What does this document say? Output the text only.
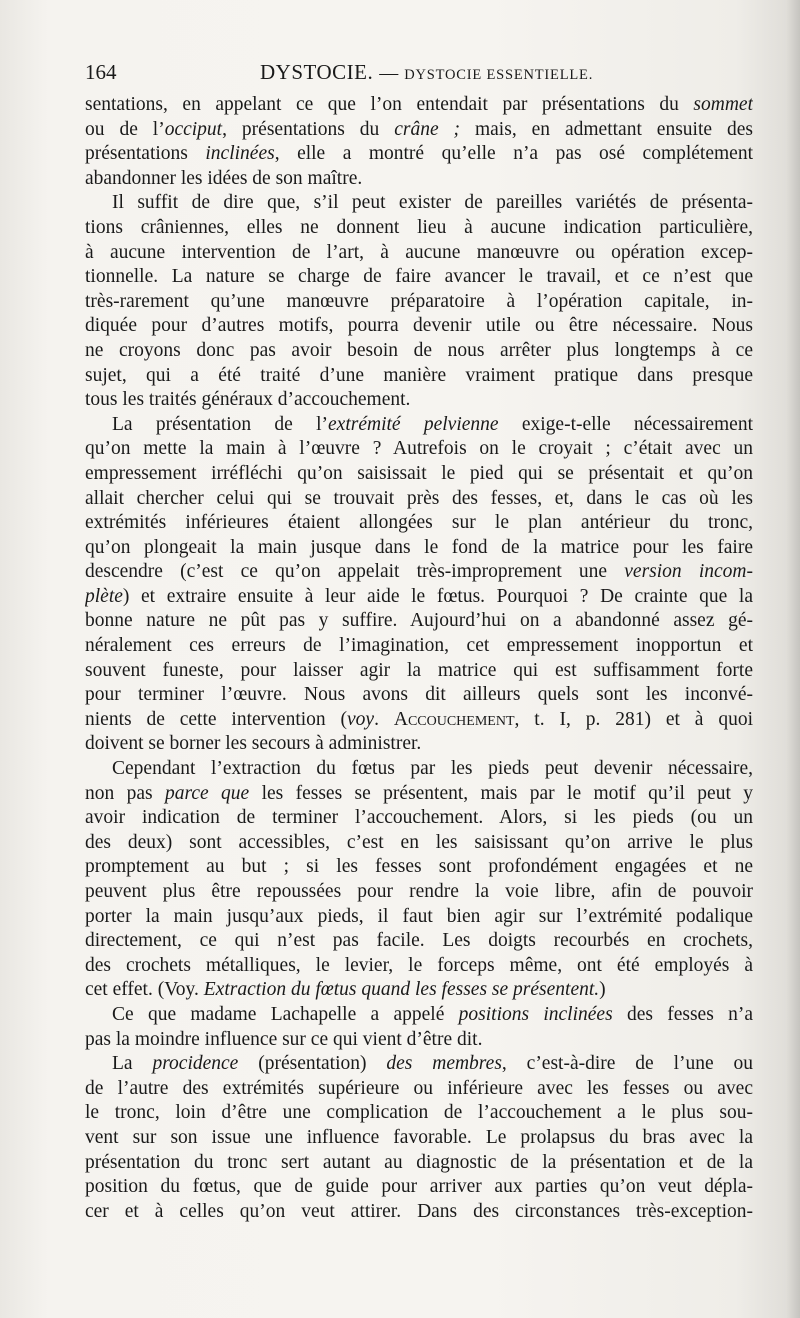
164	DYSTOCIE. — DYSTOCIE ESSENTIELLE.
sentations, en appelant ce que l’on entendait par présentations du sommet
ou de l’occiput, présentations du crâne ; mais, en admettant ensuite des
présentations inclinées, elle a montré qu’elle n’a pas osé complétement
abandonner les idées de son maître.
Il suffit de dire que, s’il peut exister de pareilles variétés de présenta-
tions crâniennes, elles ne donnent lieu à aucune indication particulière,
à aucune intervention de l’art, à aucune manœuvre ou opération excep-
tionnelle. La nature se charge de faire avancer le travail, et ce n’est que
très-rarement qu’une manœuvre préparatoire à l’opération capitale, in-
diquée pour d’autres motifs, pourra devenir utile ou être nécessaire. Nous
ne croyons donc pas avoir besoin de nous arrêter plus longtemps à ce
sujet, qui a été traité d’une manière vraiment pratique dans presque
tous les traités généraux d’accouchement.
La présentation de l’extrémité pelvienne exige-t-elle nécessairement
qu’on mette la main à l’œuvre ? Autrefois on le croyait ; c’était avec un
empressement irréfléchi qu’on saisissait le pied qui se présentait et qu’on
allait chercher celui qui se trouvait près des fesses, et, dans le cas où les
extrémités inférieures étaient allongées sur le plan antérieur du tronc,
qu’on plongeait la main jusque dans le fond de la matrice pour les faire
descendre (c’est ce qu’on appelait très-improprement une version incom-
plète) et extraire ensuite à leur aide le fœtus. Pourquoi ? De crainte que la
bonne nature ne pût pas y suffire. Aujourd’hui on a abandonné assez gé-
néralement ces erreurs de l’imagination, cet empressement inopportun et
souvent funeste, pour laisser agir la matrice qui est suffisamment forte
pour terminer l’œuvre. Nous avons dit ailleurs quels sont les inconvé-
nients de cette intervention (voy. Accouchement, t. I, p. 281) et à quoi
doivent se borner les secours à administrer.
Cependant l’extraction du fœtus par les pieds peut devenir nécessaire,
non pas parce que les fesses se présentent, mais par le motif qu’il peut y
avoir indication de terminer l’accouchement. Alors, si les pieds (ou un
des deux) sont accessibles, c’est en les saisissant qu’on arrive le plus
promptement au but ; si les fesses sont profondément engagées et ne
peuvent plus être repoussées pour rendre la voie libre, afin de pouvoir
porter la main jusqu’aux pieds, il faut bien agir sur l’extrémité podalique
directement, ce qui n’est pas facile. Les doigts recourbés en crochets,
des crochets métalliques, le levier, le forceps même, ont été employés à
cet effet. (Voy. Extraction du fœtus quand les fesses se présentent.)
Ce que madame Lachapelle a appelé positions inclinées des fesses n’a
pas la moindre influence sur ce qui vient d’être dit.
La procidence (présentation) des membres, c’est-à-dire de l’une ou
de l’autre des extrémités supérieure ou inférieure avec les fesses ou avec
le tronc, loin d’être une complication de l’accouchement a le plus sou-
vent sur son issue une influence favorable. Le prolapsus du bras avec la
présentation du tronc sert autant au diagnostic de la présentation et de la
position du fœtus, que de guide pour arriver aux parties qu’on veut dépla-
cer et à celles qu’on veut attirer. Dans des circonstances très-exception-
